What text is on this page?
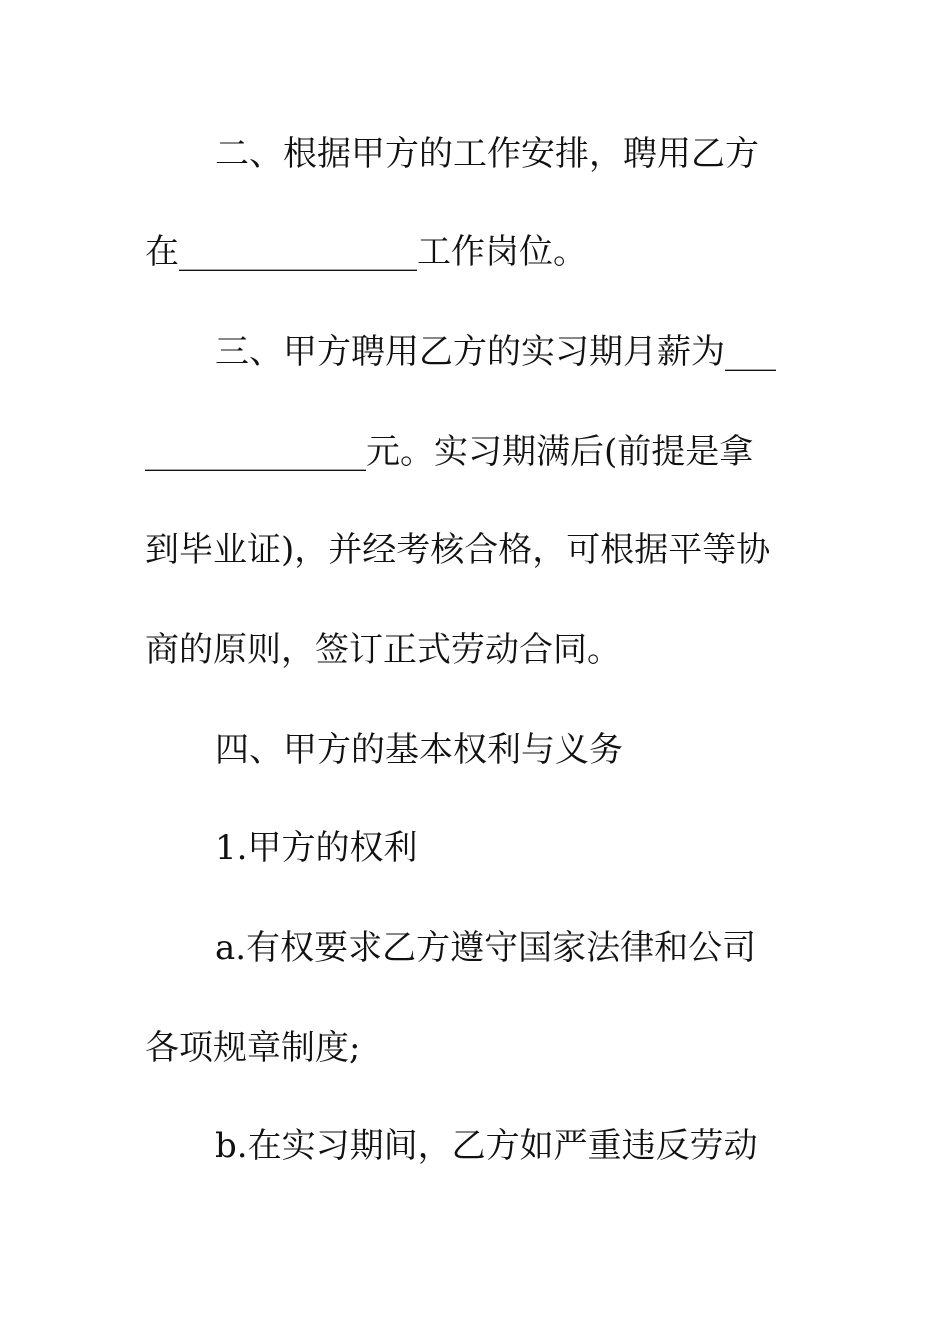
二、根据甲方的工作安排，聘用乙方
在______________工作岗位。
三、甲方聘用乙方的实习期月薪为___
_____________元。实习期满后(前提是拿
到毕业证)，并经考核合格，可根据平等协
商的原则，签订正式劳动合同。
四、甲方的基本权利与义务
1.甲方的权利
a.有权要求乙方遵守国家法律和公司
各项规章制度;
b.在实习期间，乙方如严重违反劳动
